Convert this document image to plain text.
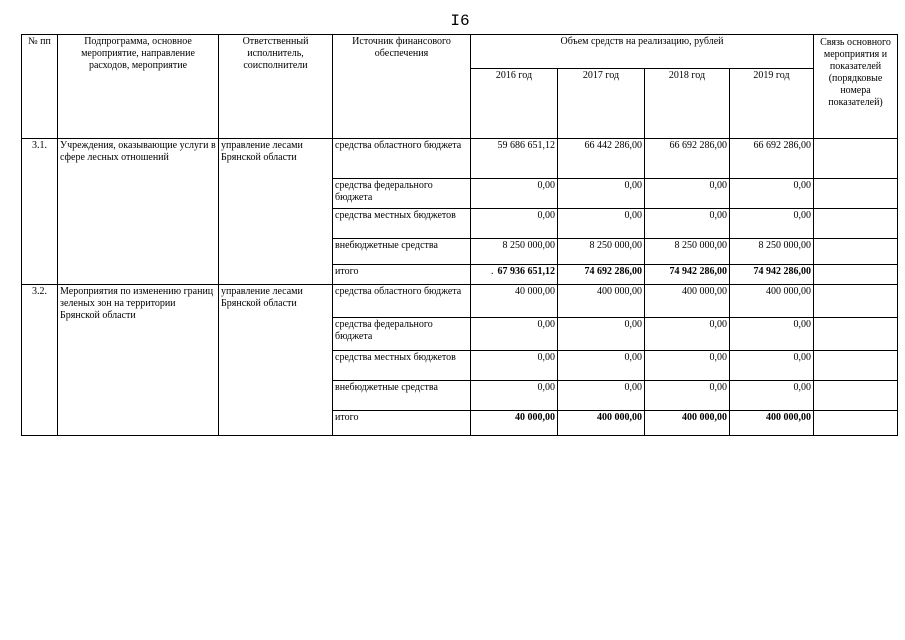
I6
№ пп	Подпрограмма, основное мероприятие, направление расходов, мероприятие	Ответственный исполнитель, соисполнители	Источник финансового обеспечения	Объем средств на реализацию, рублей				Связь основного мероприятия и показателей (порядковые номера показателей)
				2016 год	2017 год	2018 год	2019 год	
3.1.	Учреждения, оказывающие услуги в сфере лесных отношений	управление лесами Брянской области	средства областного бюджета	59 686 651,12	66 442 286,00	66 692 286,00	66 692 286,00	
			средства федерального бюджета	0,00	0,00	0,00	0,00	
			средства местных бюджетов	0,00	0,00	0,00	0,00	
			внебюджетные средства	8 250 000,00	8 250 000,00	8 250 000,00	8 250 000,00	
			итого	. 67 936 651,12	74 692 286,00	74 942 286,00	74 942 286,00	
3.2.	Мероприятия по изменению границ зеленых зон на территории Брянской области	управление лесами Брянской области	средства областного бюджета	40 000,00	400 000,00	400 000,00	400 000,00	
			средства федерального бюджета	0,00	0,00	0,00	0,00	
			средства местных бюджетов	0,00	0,00	0,00	0,00	
			внебюджетные средства	0,00	0,00	0,00	0,00	
			итого	40 000,00	400 000,00	400 000,00	400 000,00	
